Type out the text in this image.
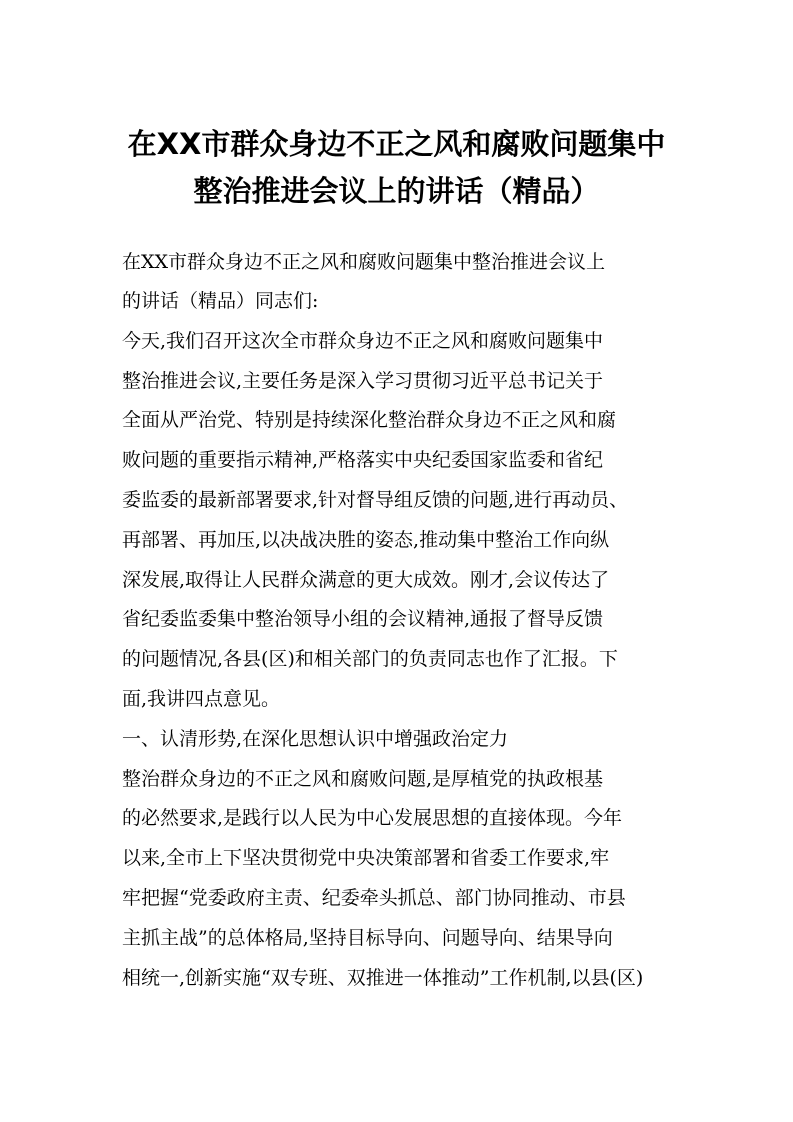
在XX市群众身边不正之风和腐败问题集中
整治推进会议上的讲话（精品）
在XX市群众身边不正之风和腐败问题集中整治推进会议上
的讲话（精品）同志们:
今天,我们召开这次全市群众身边不正之风和腐败问题集中
整治推进会议,主要任务是深入学习贯彻习近平总书记关于
全面从严治党、特别是持续深化整治群众身边不正之风和腐
败问题的重要指示精神,严格落实中央纪委国家监委和省纪
委监委的最新部署要求,针对督导组反馈的问题,进行再动员、
再部署、再加压,以决战决胜的姿态,推动集中整治工作向纵
深发展,取得让人民群众满意的更大成效。刚才,会议传达了
省纪委监委集中整治领导小组的会议精神,通报了督导反馈
的问题情况,各县(区)和相关部门的负责同志也作了汇报。下
面,我讲四点意见。
一、认清形势,在深化思想认识中增强政治定力
整治群众身边的不正之风和腐败问题,是厚植党的执政根基
的必然要求,是践行以人民为中心发展思想的直接体现。今年
以来,全市上下坚决贯彻党中央决策部署和省委工作要求,牢
牢把握“党委政府主责、纪委牵头抓总、部门协同推动、市县
主抓主战”的总体格局,坚持目标导向、问题导向、结果导向
相统一,创新实施“双专班、双推进一体推动”工作机制,以县(区)
